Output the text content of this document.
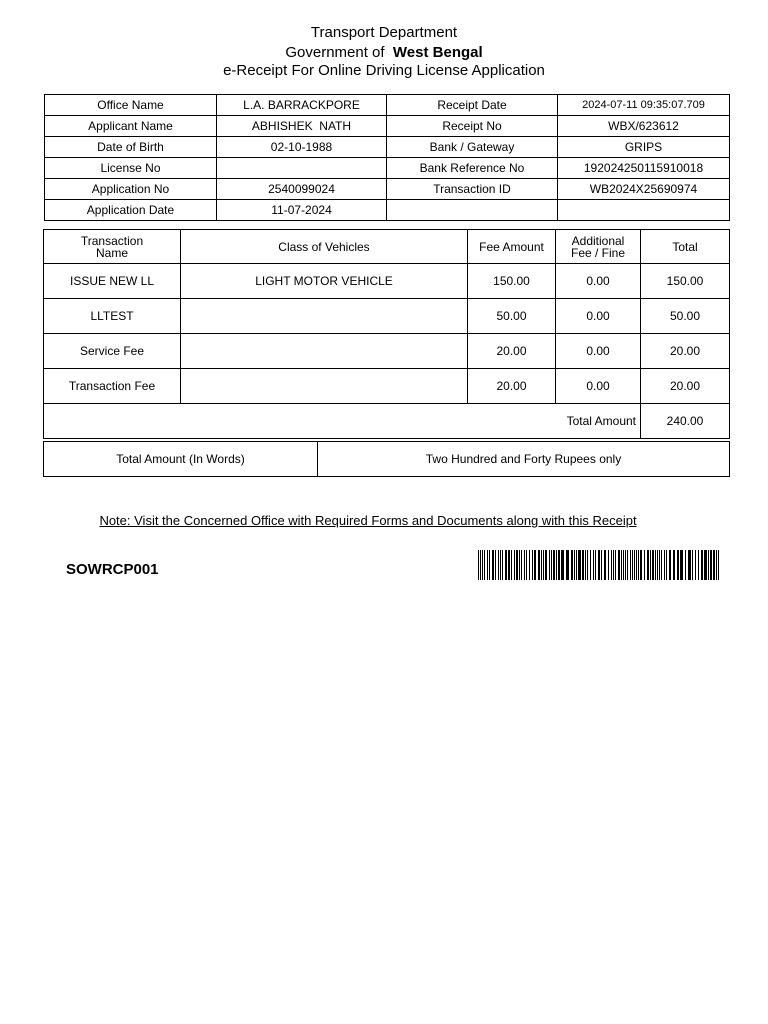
Transport Department
Government of West Bengal
e-Receipt For Online Driving License Application
Office Name	L.A. BARRACKPORE	Receipt Date	2024-07-11 09:35:07.709
Applicant Name	ABHISHEK  NATH	Receipt No	WBX/623612
Date of Birth	02-10-1988	Bank / Gateway	GRIPS
License No		Bank Reference No	192024250115910018
Application No	2540099024	Transaction ID	WB2024X25690974
Application Date	11-07-2024		
Transaction Name	Class of Vehicles	Fee Amount	Additional Fee / Fine	Total
ISSUE NEW LL	LIGHT MOTOR VEHICLE	150.00	0.00	150.00
LLTEST		50.00	0.00	50.00
Service Fee		20.00	0.00	20.00
Transaction Fee		20.00	0.00	20.00
Total Amount				240.00
Total Amount (In Words)	Two Hundred and Forty Rupees only
Note: Visit the Concerned Office with Required Forms and Documents along with this Receipt
SOWRCP001
